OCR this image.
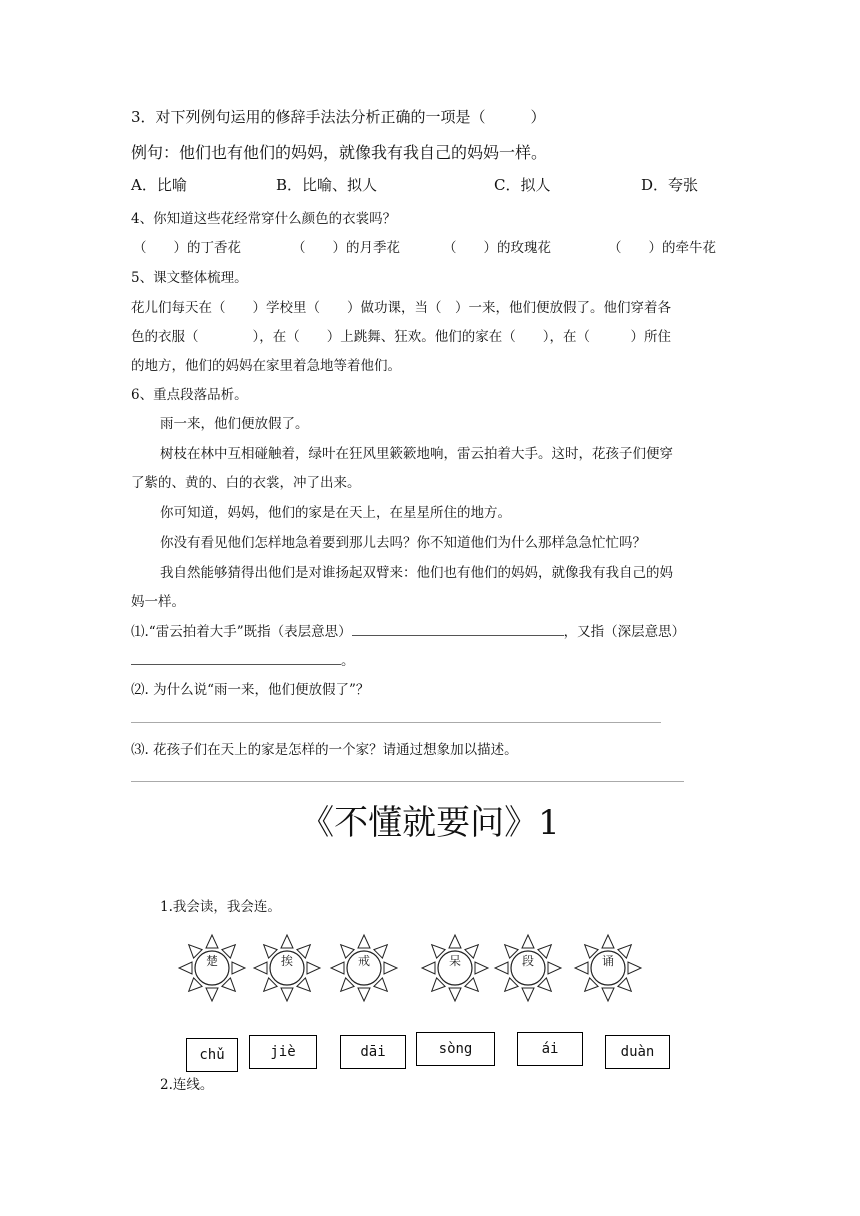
3．对下列例句运用的修辞手法法分析正确的一项是（　　　）
例句：他们也有他们的妈妈，就像我有我自己的妈妈一样。
A．比喻	B．比喻、拟人	C．拟人	D．夸张
4、你知道这些花经常穿什么颜色的衣裳吗？
（　　）的丁香花	（　　）的月季花	（　　）的玫瑰花	（　　）的牵牛花
5、课文整体梳理。
花儿们每天在（　　）学校里（　　）做功课，当（　）一来，他们便放假了。他们穿着各
色的衣服（　　　　），在（　　）上跳舞、狂欢。他们的家在（　　），在（　　　）所住
的地方，他们的妈妈在家里着急地等着他们。
6、重点段落品析。
雨一来，他们便放假了。
树枝在林中互相碰触着，绿叶在狂风里簌簌地响，雷云拍着大手。这时，花孩子们便穿
了紫的、黄的、白的衣裳，冲了出来。
你可知道，妈妈，他们的家是在天上，在星星所住的地方。
你没有看见他们怎样地急着要到那儿去吗？你不知道他们为什么那样急急忙忙吗？
我自然能够猜得出他们是对谁扬起双臂来：他们也有他们的妈妈，就像我有我自己的妈
妈一样。
⑴.“雷云拍着大手”既指（表层意思）	，又指（深层意思）
。
⑵. 为什么说“雨一来，他们便放假了”？
⑶. 花孩子们在天上的家是怎样的一个家？请通过想象加以描述。
《不懂就要问》1
1.我会读，我会连。
楚	挨	戒	呆	段	诵
chǔ	jiè	dāi	sòng	ái	duàn
2.连线。
